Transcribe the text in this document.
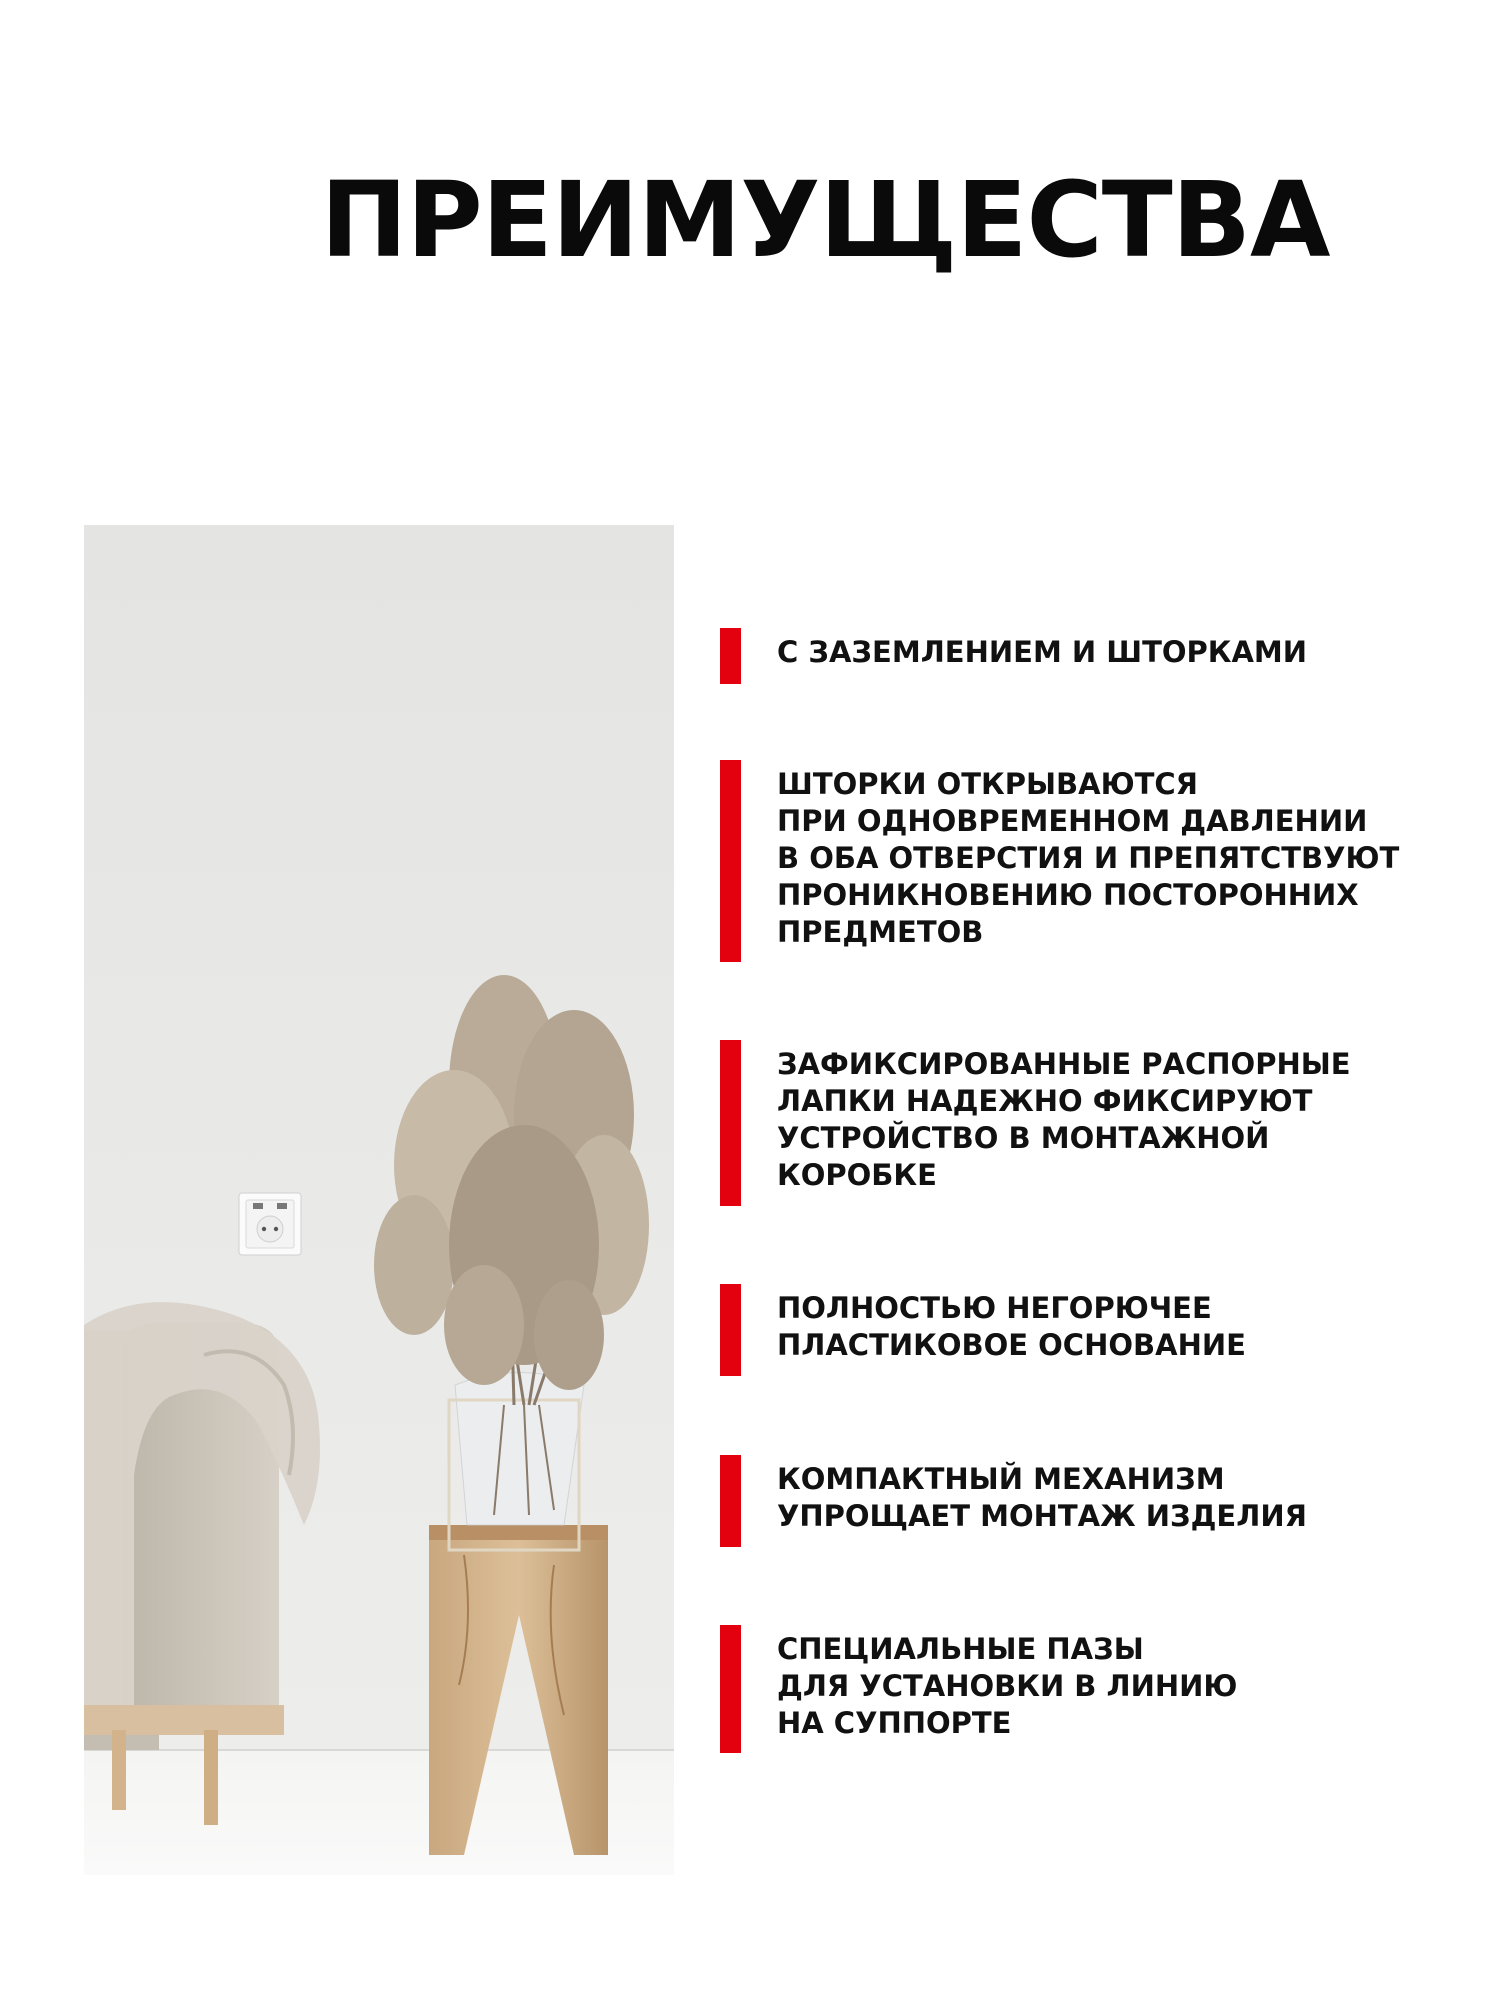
ПРЕИМУЩЕСТВА
С ЗАЗЕМЛЕНИЕМ И ШТОРКАМИ
ШТОРКИ ОТКРЫВАЮТСЯ
ПРИ ОДНОВРЕМЕННОМ ДАВЛЕНИИ
В ОБА ОТВЕРСТИЯ И ПРЕПЯТСТВУЮТ
ПРОНИКНОВЕНИЮ ПОСТОРОННИХ
ПРЕДМЕТОВ
ЗАФИКСИРОВАННЫЕ РАСПОРНЫЕ
ЛАПКИ НАДЕЖНО ФИКСИРУЮТ
УСТРОЙСТВО В МОНТАЖНОЙ
КОРОБКЕ
ПОЛНОСТЬЮ НЕГОРЮЧЕЕ
ПЛАСТИКОВОЕ ОСНОВАНИЕ
КОМПАКТНЫЙ МЕХАНИЗМ
УПРОЩАЕТ МОНТАЖ ИЗДЕЛИЯ
СПЕЦИАЛЬНЫЕ ПАЗЫ
ДЛЯ УСТАНОВКИ В ЛИНИЮ
НА СУППОРТЕ
